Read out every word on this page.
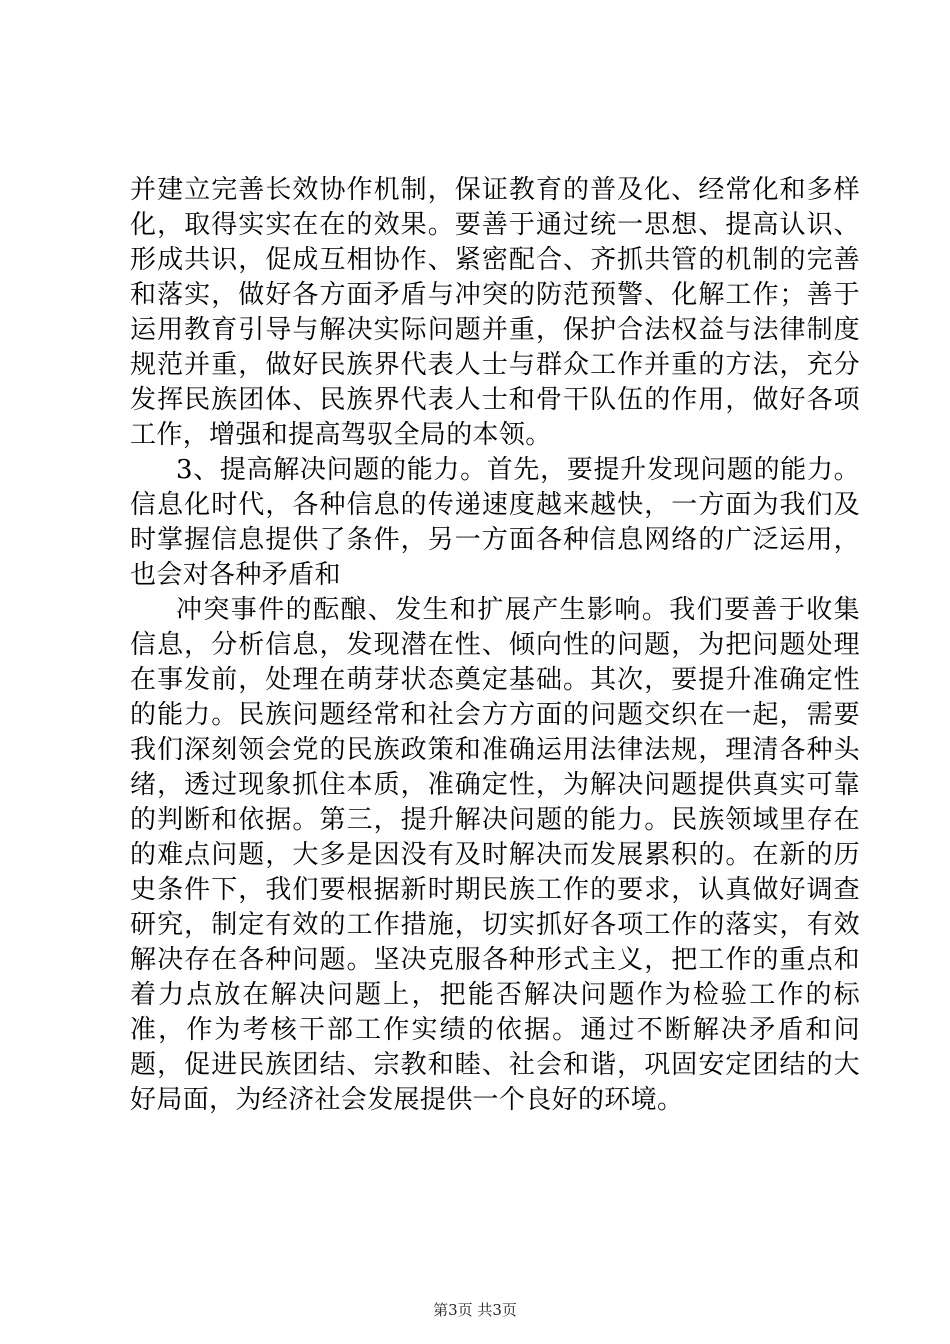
并建立完善长效协作机制，保证教育的普及化、经常化和多样化，取得实实在在的效果。要善于通过统一思想、提高认识、形成共识，促成互相协作、紧密配合、齐抓共管的机制的完善和落实，做好各方面矛盾与冲突的防范预警、化解工作；善于运用教育引导与解决实际问题并重，保护合法权益与法律制度规范并重，做好民族界代表人士与群众工作并重的方法，充分发挥民族团体、民族界代表人士和骨干队伍的作用，做好各项工作，增强和提高驾驭全局的本领。

3、提高解决问题的能力。首先，要提升发现问题的能力。信息化时代，各种信息的传递速度越来越快，一方面为我们及时掌握信息提供了条件，另一方面各种信息网络的广泛运用，也会对各种矛盾和

冲突事件的酝酿、发生和扩展产生影响。我们要善于收集信息，分析信息，发现潜在性、倾向性的问题，为把问题处理在事发前，处理在萌芽状态奠定基础。其次，要提升准确定性的能力。民族问题经常和社会方方面的问题交织在一起，需要我们深刻领会党的民族政策和准确运用法律法规，理清各种头绪，透过现象抓住本质，准确定性，为解决问题提供真实可靠的判断和依据。第三，提升解决问题的能力。民族领域里存在的难点问题，大多是因没有及时解决而发展累积的。在新的历史条件下，我们要根据新时期民族工作的要求，认真做好调查研究，制定有效的工作措施，切实抓好各项工作的落实，有效解决存在各种问题。坚决克服各种形式主义，把工作的重点和着力点放在解决问题上，把能否解决问题作为检验工作的标准，作为考核干部工作实绩的依据。通过不断解决矛盾和问题，促进民族团结、宗教和睦、社会和谐，巩固安定团结的大好局面，为经济社会发展提供一个良好的环境。

第3页 共3页
